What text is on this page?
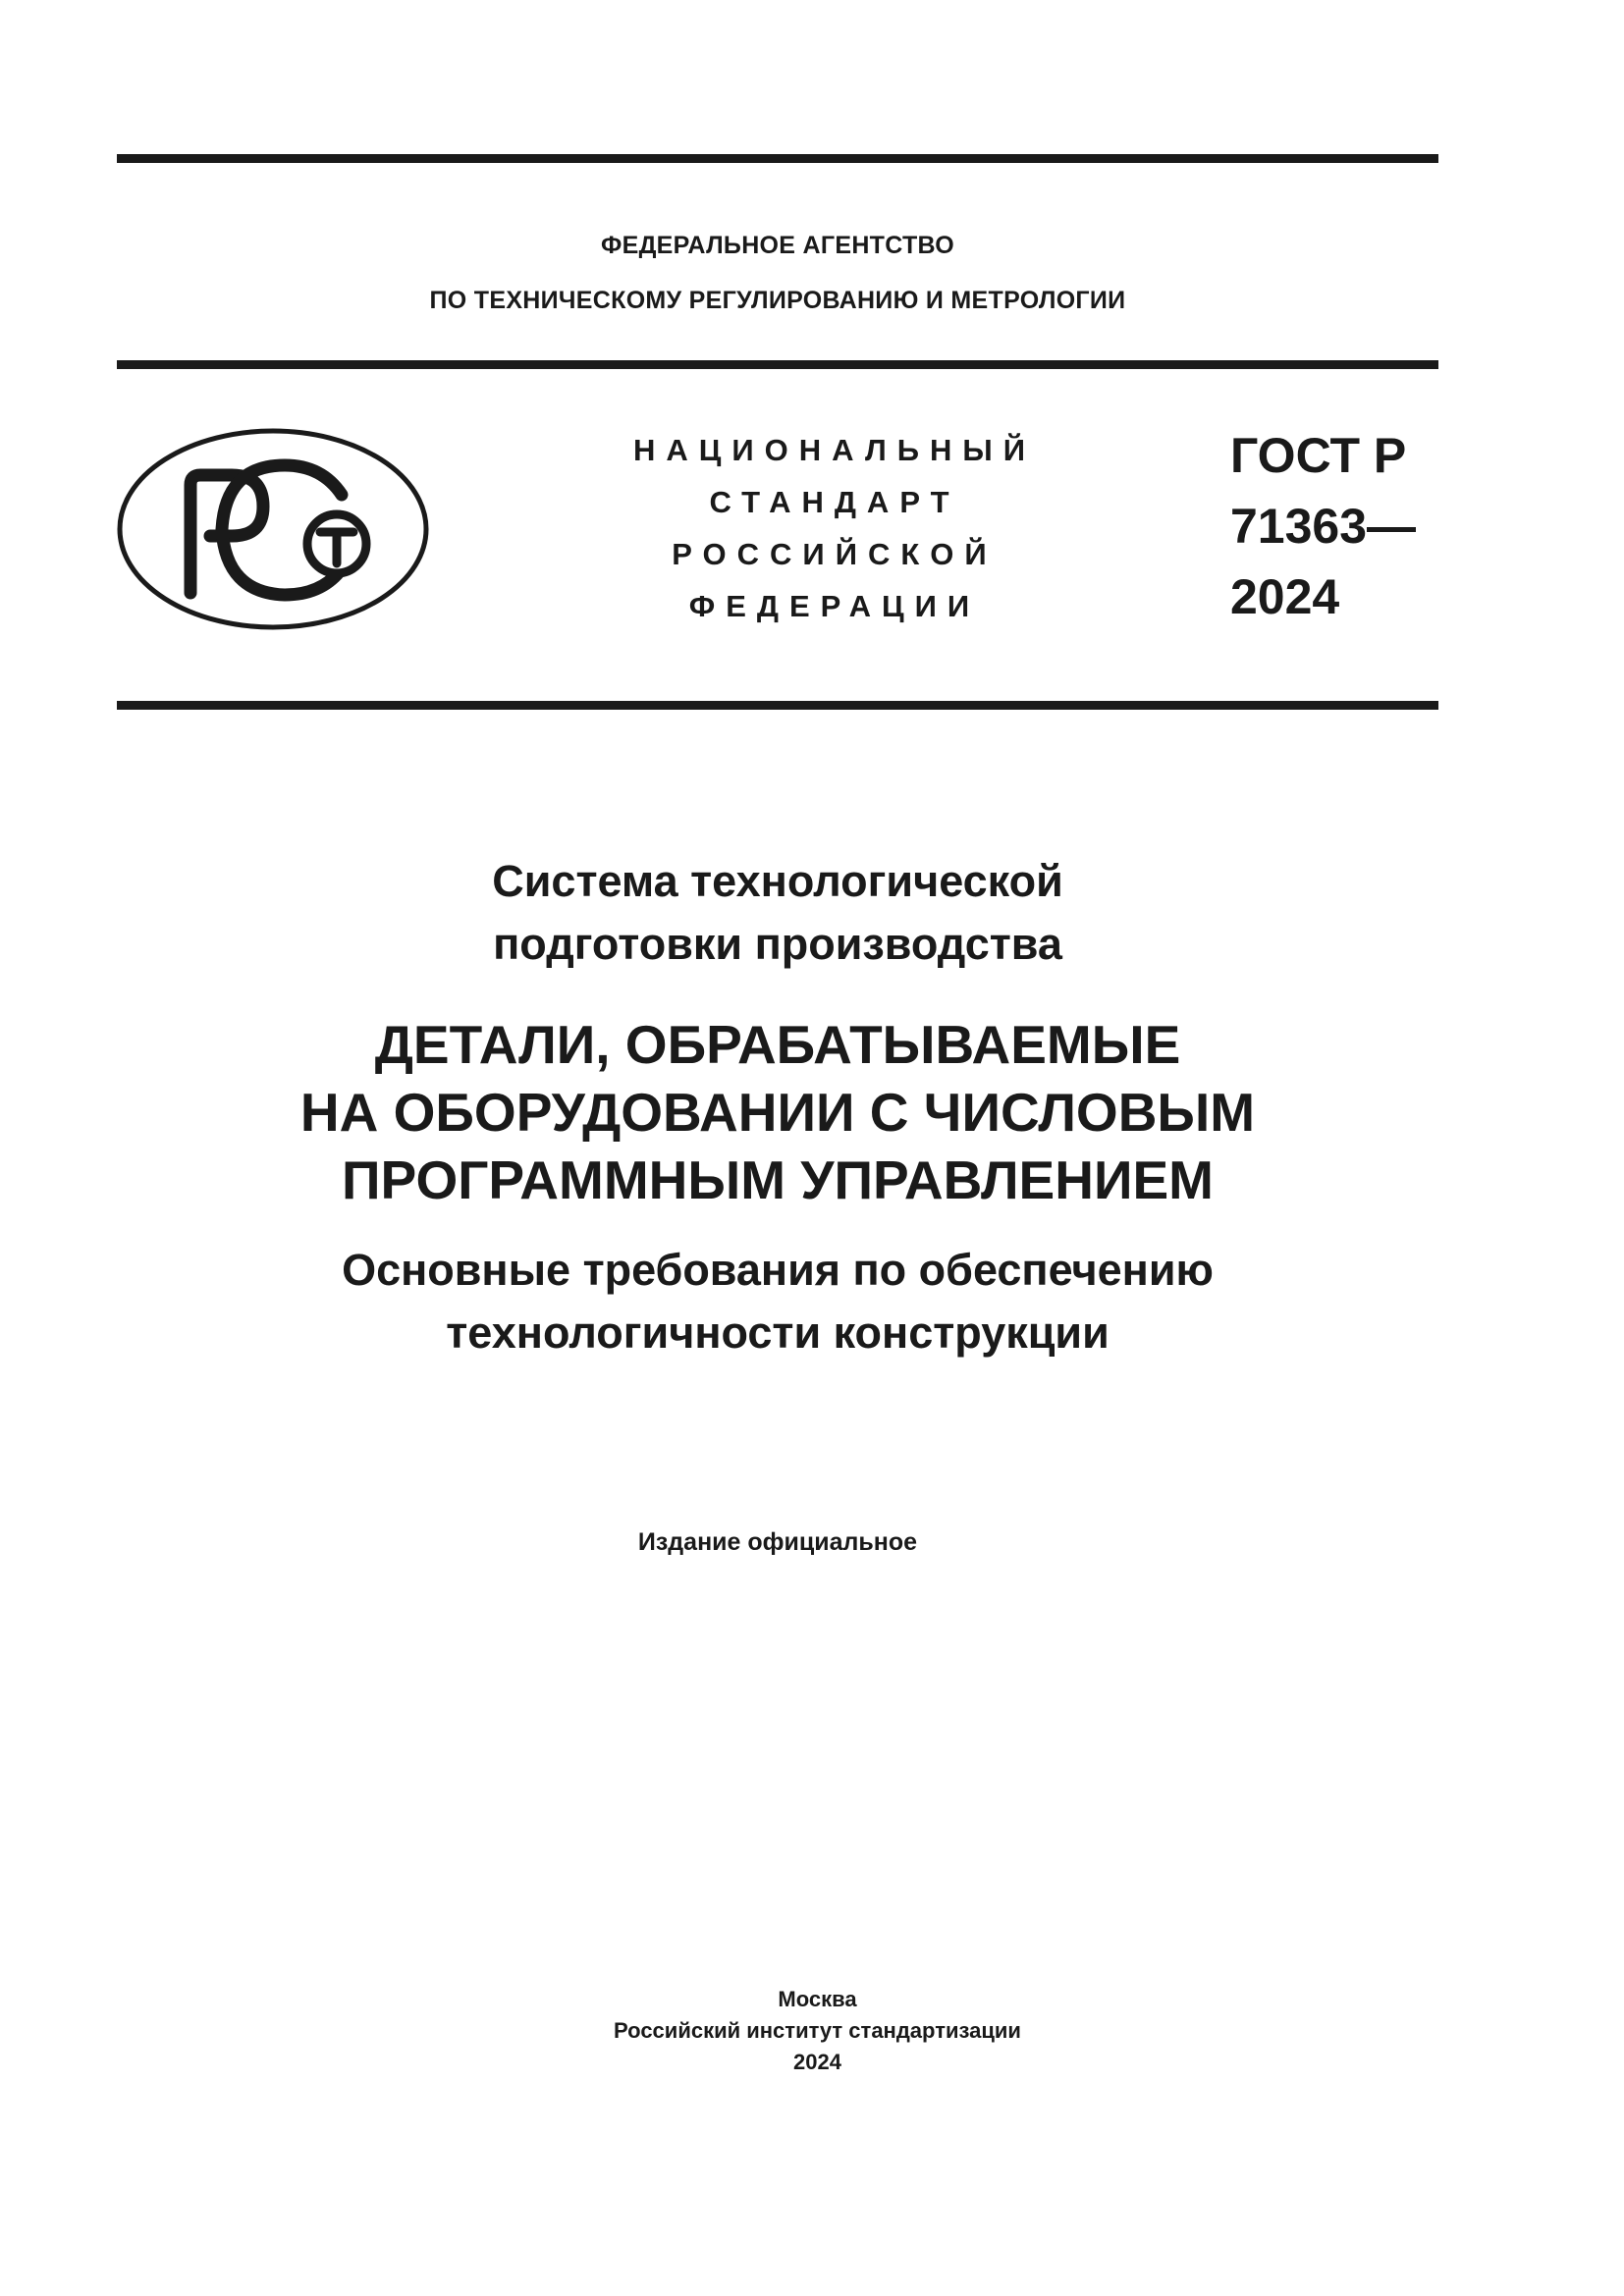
ФЕДЕРАЛЬНОЕ АГЕНТСТВО
ПО ТЕХНИЧЕСКОМУ РЕГУЛИРОВАНИЮ И МЕТРОЛОГИИ
НАЦИОНАЛЬНЫЙ
СТАНДАРТ
РОССИЙСКОЙ
ФЕДЕРАЦИИ
ГОСТ Р
71363—
2024
Система технологической
подготовки производства
ДЕТАЛИ, ОБРАБАТЫВАЕМЫЕ
НА ОБОРУДОВАНИИ С ЧИСЛОВЫМ
ПРОГРАММНЫМ УПРАВЛЕНИЕМ
Основные требования по обеспечению
технологичности конструкции
Издание официальное
Москва
Российский институт стандартизации
2024
